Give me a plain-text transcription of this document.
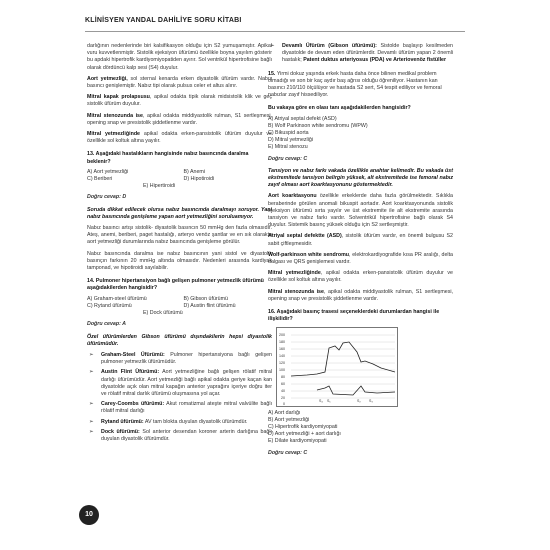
KLİNİSYEN YANDAL DAHİLİYE SORU KİTABI

darlığının nedenlerinde biri kalsifikasyon olduğu için S2 yumuşamıştır. Apikal vuru kuvvetlenmiştir. Sistolik ejeksiyon üfürümü özellikle boyna yayılım gösterir bu apdaki hipertrofik kardiyomiyopatiden ayırır. Sol ventrikül hipertrofisine bağlı olarak dördüncü kalp sesi (S4) duyulur.

Aort yetmezliği, sol sternal kenarda erken diyastolik üfürüm vardır. Nabız basıncı genişlemiştir. Nabız tipi olarak pulsus celer et altus alırır.

Mitral kapak prolapsusu, apikal odakta tipik olarak midsistolik klik ve geç sistolik üfürüm duyulur.

Mitral stenozunda ise, apikal odakta middiyastolik rulman, S1 sertleşmesi, opening snap ve presistolik şiddetlenme vardır.

Mitral yetmezliğinde apikal odakta erken-pansistolik üfürüm duyulur ve özellikle sol koltuk altına yayılır.

13. Aşağıdaki hastalıkların hangisinde nabız basıncında daralma beklenir?
A) Aort yetmezliği	B) Anemi
C) Beriberi	D) Hipotiroidi
E) Hipertiroidi
Doğru cevap: D

Soruda dikkat edilecek olursa nabız basıncında daralmayı soruyor. Yani nabız basıncında genişleme yapan aort yetmezliğini soruluamıyor.

Nabız basıncı artışı sistolik- diyastolik basıncın 50 mmHg den fazla olmasıdır. Ateş, anemi, beriberi, paget hastalığı, arteryo venöz şantlar ve en sık olarakta aort yetmezliği durumlarında nabız basıncında genişleme görülür.

Nabız basıncında daralma ise nabız basıncının yani sistol ve diyastolik basınçın farkının 20 mmHg altında olmasıdır. Nedenleri arasında kardiyak tamponad, ve hipotiroidi sayılabilir.

14. Pulmoner hipertansiyon bağlı gelişen pulmoner yetmezlik üfürümü aşağıdakilerden hangisidir?
A) Graham-steel üfürümü	B) Gibson üfürümü
C) Rytand üfürümü	D) Austin flint üfürümü
E) Dock üfürümü
Doğru cevap: A

Özel üfürümlerden Gibson üfürümü dışındakilerin hepsi diyastolik üfürümüdür.

➢ Graham-Steel Üfürümü: Pulmoner hipertansiyona bağlı gelişen pulmoner yetmezlik üfürümüdür.
➢ Austin Flint Üfürümü: Aort yetmezliğine bağlı gelişen rölatif mitral darlığı üfürümüdür. Aort yetmezliği bağlı apikal odakta geriye kaçan kan diyastolde açık olan mitral kapağın anterior yaprağını içeriye doğru iter ve rölatif mitral darlık üfürümü oluşmasına yol açar.
➢ Carey-Coombs üfürümü: Akut romatizmal ateşte mitral valvülite bağlı rölatif mitral darlığı
➢ Rytand üfürümü: AV tam blokta duyulan diyastolik üfürümdür.
➢ Dock üfürümü: Sol anterior desendan koroner arterin darlığına bağlı duyulan diyastolik üfürümdür.
➢ Devamlı Üfürüm (Gibson üfürümü): Sistolde başlayıp kesilmeden diyastolde de devam eden üfürümlerdir. Devamlı üfürüm yapan 2 önemli hastalık; Patent duktus arteriyosus (PDA) ve Arteriovenöz fistüller
15. Yirmi dokuz yaşında erkek hasta daha önce bilinen medikal problem olmadığı ve son bir kaç aydır baş ağrısı olduğu öğreniliyor. Hastanın kan basıncı 210/110 ölçülüyor ve hastada S2 sert, S4 tespit ediliyor ve femoral nabızlar zayıf hissediliyor.
Bu vakaya göre en olası tanı aşağıdakilerden hangisidir?
A) Atriyal septal defekt (ASD)
B) Wolf Parkinson white sendromu (WPW)
C) Bikuspid aorta
D) Mitral yetmezliği
E) Mitral stenozu
Doğru cevap: C

Tansiyon ve nabız farkı vakada özellikle anahtar kelimedir. Bu vakada üst ekstremitede tansiyon belirgin yüksek, alt ekstremitede ise femoral nabız zayıf olması aort koarktasyonunu göstermektedir.

Aort koarktasyonu özellikle erkeklerde daha fazla görülmektedir. Sıklıkla beraberinde görülen anomali bikuspit aortadır. Aort koarktasyonunda sistolik ejeksiyon üfürümü sırta yayılır ve üst ekstremite ile alt ekstremite arasında tansiyon ve nabız farkı vardır. Solventrikül hipertrofisine bağlı olarak S4 duyulur. Sistemik basınç yüksek olduğu için S2 sertleşmiştir.

Atriyal septal defektte (ASD), sistolik üfürüm vardır, en önemli bulgusu S2 sabit çiftleşmesidir.

Wolf-parkinson white sendromu, elektrokardiyografide kısa PR aralığı, delta dalgası ve QRS genişlemesi vardır.

Mitral yetmezliğinde, apikal odakta erken-pansistolik üfürüm duyulur ve özellikle sol koltuk altına yayılır.

Mitral stenozunda ise, apikal odakta middiyastolik rulman, S1 sertleşmesi, opening snap ve presistolik şiddetlenme vardır.

16. Aşağıdaki basınç trasesi seçeneklerdeki durumlardan hangisi ile ilişkilidir?
200
180
160
140
120
100
80
60
40
20
0
S₁	S₂ S₃
S₄
A) Aort darlığı
B) Aort yetmezliği
C) Hipertrofik kardiyomiyopati
D) Aort yetmezliği + aort darlığı
E) Dilate kardiyomiyopati
Doğru cevap: C
10
